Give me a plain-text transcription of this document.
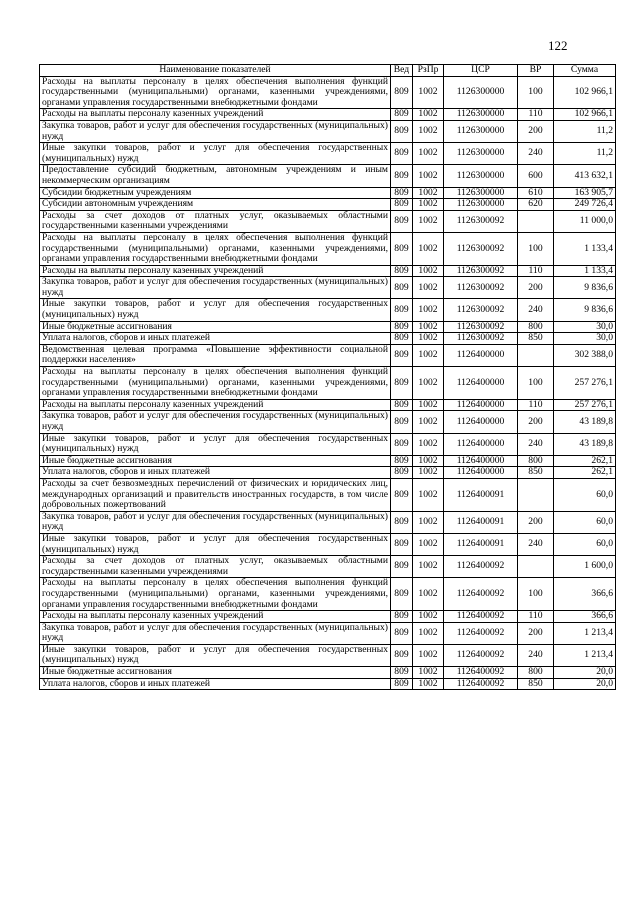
122
Наименование показателей	Вед	РзПр	ЦСР	ВР	Сумма
Расходы на выплаты персоналу в целях обеспечения выполнения функций государственными (муниципальными) органами, казенными учреждениями, органами управления государственными внебюджетными фондами	809	1002	1126300000	100	102 966,1
Расходы на выплаты персоналу казенных учреждений	809	1002	1126300000	110	102 966,1
Закупка товаров, работ и услуг для обеспечения государственных (муниципальных) нужд	809	1002	1126300000	200	11,2
Иные закупки товаров, работ и услуг для обеспечения государственных (муниципальных) нужд	809	1002	1126300000	240	11,2
Предоставление субсидий бюджетным, автономным учреждениям и иным некоммерческим организациям	809	1002	1126300000	600	413 632,1
Субсидии бюджетным учреждениям	809	1002	1126300000	610	163 905,7
Субсидии автономным учреждениям	809	1002	1126300000	620	249 726,4
Расходы за счет доходов от платных услуг, оказываемых областными государственными казенными учреждениями	809	1002	1126300092		11 000,0
Расходы на выплаты персоналу в целях обеспечения выполнения функций государственными (муниципальными) органами, казенными учреждениями, органами управления государственными внебюджетными фондами	809	1002	1126300092	100	1 133,4
Расходы на выплаты персоналу казенных учреждений	809	1002	1126300092	110	1 133,4
Закупка товаров, работ и услуг для обеспечения государственных (муниципальных) нужд	809	1002	1126300092	200	9 836,6
Иные закупки товаров, работ и услуг для обеспечения государственных (муниципальных) нужд	809	1002	1126300092	240	9 836,6
Иные бюджетные ассигнования	809	1002	1126300092	800	30,0
Уплата налогов, сборов и иных платежей	809	1002	1126300092	850	30,0
Ведомственная целевая программа «Повышение эффективности социальной поддержки населения»	809	1002	1126400000		302 388,0
Расходы на выплаты персоналу в целях обеспечения выполнения функций государственными (муниципальными) органами, казенными учреждениями, органами управления государственными внебюджетными фондами	809	1002	1126400000	100	257 276,1
Расходы на выплаты персоналу казенных учреждений	809	1002	1126400000	110	257 276,1
Закупка товаров, работ и услуг для обеспечения государственных (муниципальных) нужд	809	1002	1126400000	200	43 189,8
Иные закупки товаров, работ и услуг для обеспечения государственных (муниципальных) нужд	809	1002	1126400000	240	43 189,8
Иные бюджетные ассигнования	809	1002	1126400000	800	262,1
Уплата налогов, сборов и иных платежей	809	1002	1126400000	850	262,1
Расходы за счет безвозмездных перечислений от физических и юридических лиц, международных организаций и правительств иностранных государств, в том числе добровольных пожертвований	809	1002	1126400091		60,0
Закупка товаров, работ и услуг для обеспечения государственных (муниципальных) нужд	809	1002	1126400091	200	60,0
Иные закупки товаров, работ и услуг для обеспечения государственных (муниципальных) нужд	809	1002	1126400091	240	60,0
Расходы за счет доходов от платных услуг, оказываемых областными государственными казенными учреждениями	809	1002	1126400092		1 600,0
Расходы на выплаты персоналу в целях обеспечения выполнения функций государственными (муниципальными) органами, казенными учреждениями, органами управления государственными внебюджетными фондами	809	1002	1126400092	100	366,6
Расходы на выплаты персоналу казенных учреждений	809	1002	1126400092	110	366,6
Закупка товаров, работ и услуг для обеспечения государственных (муниципальных) нужд	809	1002	1126400092	200	1 213,4
Иные закупки товаров, работ и услуг для обеспечения государственных (муниципальных) нужд	809	1002	1126400092	240	1 213,4
Иные бюджетные ассигнования	809	1002	1126400092	800	20,0
Уплата налогов, сборов и иных платежей	809	1002	1126400092	850	20,0
